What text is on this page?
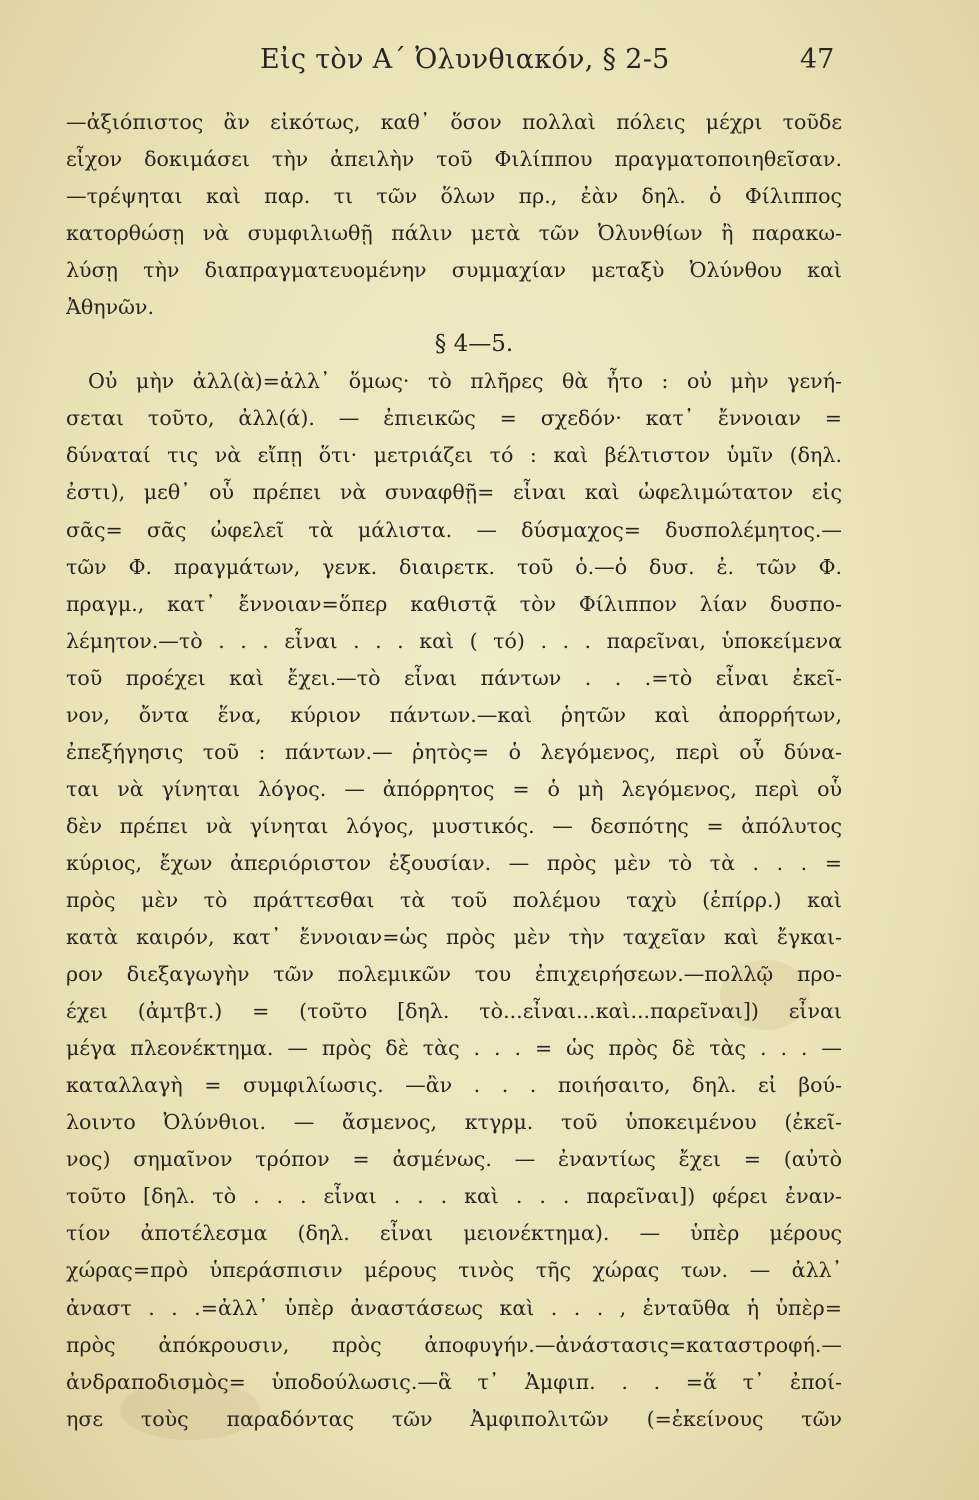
Εἰς τὸν Α΄ Ὀλυνθιακόν, § 2-5	47
—ἀξιόπιστος ἂν εἰκότως, καθ᾽ ὅσον πολλαὶ πόλεις μέχρι τοῦδε
εἶχον δοκιμάσει τὴν ἀπειλὴν τοῦ Φιλίππου πραγματοποιηθεῖσαν.
—τρέψηται καὶ παρ. τι τῶν ὅλων πρ., ἐὰν δηλ. ὁ Φίλιππος
κατορθώσῃ νὰ συμφιλιωθῇ πάλιν μετὰ τῶν Ὀλυνθίων ἢ παρακω-
λύσῃ τὴν διαπραγματευομένην συμμαχίαν μεταξὺ Ὀλύνθου καὶ
Ἀθηνῶν.
§ 4—5.
Οὐ μὴν ἀλλ(ὰ)=ἀλλ᾽ ὅμως· τὸ πλῆρες θὰ ἦτο : οὐ μὴν γενή-
σεται τοῦτο, ἀλλ(ά). — ἐπιεικῶς = σχεδόν· κατ᾽ ἔννοιαν =
δύναταί τις νὰ εἴπῃ ὅτι· μετριάζει τό : καὶ βέλτιστον ὑμῖν (δηλ.
ἐστι), μεθ᾽ οὗ πρέπει νὰ συναφθῇ= εἶναι καὶ ὠφελιμώτατον εἰς
σᾶς= σᾶς ὠφελεῖ τὰ μάλιστα. — δύσμαχος= δυσπολέμητος.—
τῶν Φ. πραγμάτων, γενκ. διαιρετκ. τοῦ ὁ.—ὁ δυσ. ἐ. τῶν Φ.
πραγμ., κατ᾽ ἔννοιαν=ὅπερ καθιστᾷ τὸν Φίλιππον λίαν δυσπο-
λέμητον.—τὸ . . . εἶναι . . . καὶ ( τό) . . . παρεῖναι, ὑποκείμενα
τοῦ προέχει καὶ ἔχει.—τὸ εἶναι πάντων . . .=τὸ εἶναι ἐκεῖ-
νον, ὄντα ἕνα, κύριον πάντων.—καὶ ῥητῶν καὶ ἀπορρήτων,
ἐπεξήγησις τοῦ : πάντων.— ῥητὸς= ὁ λεγόμενος, περὶ οὗ δύνα-
ται νὰ γίνηται λόγος. — ἀπόρρητος = ὁ μὴ λεγόμενος, περὶ οὗ
δὲν πρέπει νὰ γίνηται λόγος, μυστικός. — δεσπότης = ἀπόλυτος
κύριος, ἔχων ἀπεριόριστον ἐξουσίαν. — πρὸς μὲν τὸ τὰ . . . =
πρὸς μὲν τὸ πράττεσθαι τὰ τοῦ πολέμου ταχὺ (ἐπίρρ.) καὶ
κατὰ καιρόν, κατ᾽ ἔννοιαν=ὡς πρὸς μὲν τὴν ταχεῖαν καὶ ἔγκαι-
ρον διεξαγωγὴν τῶν πολεμικῶν του ἐπιχειρήσεων.—πολλῷ προ-
έχει (ἀμτβτ.) = (τοῦτο [δηλ. τὸ...εἶναι...καὶ...παρεῖναι]) εἶναι
μέγα πλεονέκτημα. — πρὸς δὲ τὰς . . . = ὡς πρὸς δὲ τὰς . . . —
καταλλαγὴ = συμφιλίωσις. —ἂν . . . ποιήσαιτο, δηλ. εἰ βού-
λοιντο Ὀλύνθιοι. — ἄσμενος, κτγρμ. τοῦ ὑποκειμένου (ἐκεῖ-
νος) σημαῖνον τρόπον = ἀσμένως. — ἐναντίως ἔχει = (αὐτὸ
τοῦτο [δηλ. τὸ . . . εἶναι . . . καὶ . . . παρεῖναι]) φέρει ἐναν-
τίον ἀποτέλεσμα (δηλ. εἶναι μειονέκτημα). — ὑπὲρ μέρους
χώρας=πρὸ ὑπεράσπισιν μέρους τινὸς τῆς χώρας των. — ἀλλ᾽
ἀναστ . . .=ἀλλ᾽ ὑπὲρ ἀναστάσεως καὶ . . . , ἐνταῦθα ἡ ὑπὲρ=
πρὸς ἀπόκρουσιν, πρὸς ἀποφυγήν.—ἀνάστασις=καταστροφή.—
ἀνδραποδισμὸς= ὑποδούλωσις.—ἃ τ᾽ Ἀμφιπ. . . =ἅ τ᾽ ἐποί-
ησε τοὺς παραδόντας τῶν Ἀμφιπολιτῶν (=ἐκείνους τῶν
